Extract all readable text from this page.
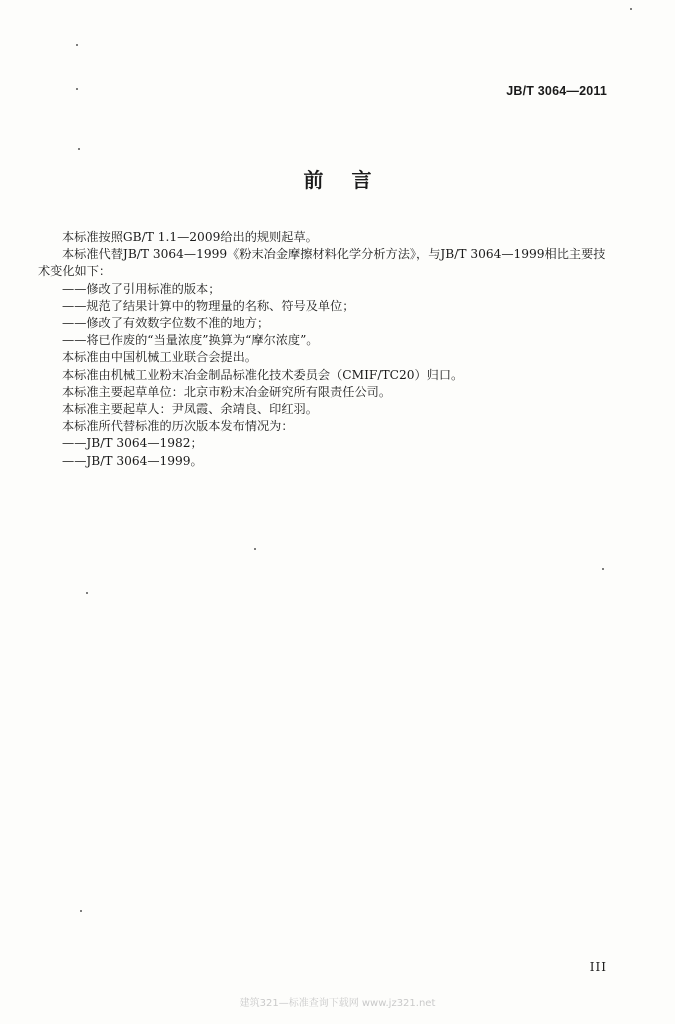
JB/T 3064—2011
前言

本标准按照GB/T 1.1—2009给出的规则起草。

本标准代替JB/T 3064—1999《粉末冶金摩擦材料化学分析方法》，与JB/T 3064—1999相比主要技术变化如下：

——修改了引用标准的版本；

——规范了结果计算中的物理量的名称、符号及单位；

——修改了有效数字位数不准的地方；

——将已作废的“当量浓度”换算为“摩尔浓度”。

本标准由中国机械工业联合会提出。

本标准由机械工业粉末冶金制品标准化技术委员会（CMIF/TC20）归口。

本标准主要起草单位：北京市粉末冶金研究所有限责任公司。

本标准主要起草人：尹凤霞、余靖良、印红羽。

本标准所代替标准的历次版本发布情况为：

——JB/T 3064—1982；

——JB/T 3064—1999。

III
建筑321—标准查询下载网 www.jz321.net
